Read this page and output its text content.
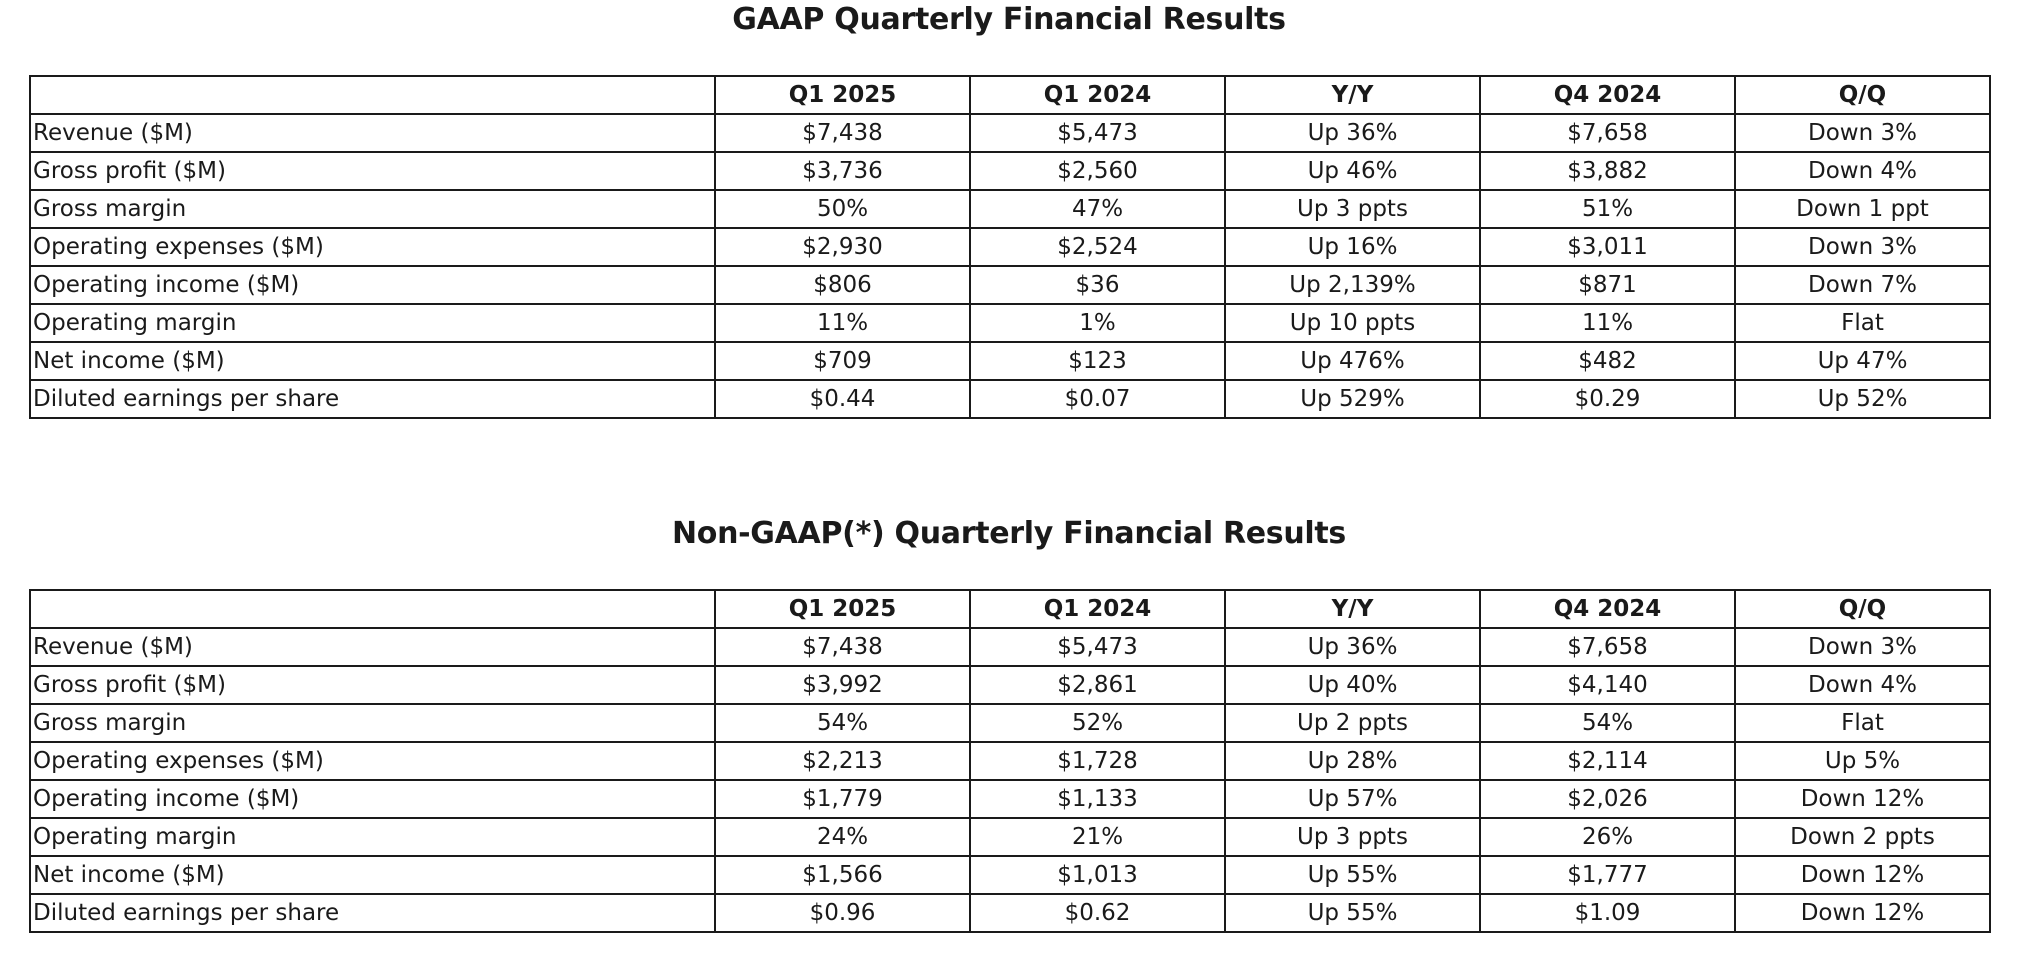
GAAP Quarterly Financial Results
	Q1 2025	Q1 2024	Y/Y	Q4 2024	Q/Q
Revenue ($M)	$7,438	$5,473	Up 36%	$7,658	Down 3%
Gross profit ($M)	$3,736	$2,560	Up 46%	$3,882	Down 4%
Gross margin	50%	47%	Up 3 ppts	51%	Down 1 ppt
Operating expenses ($M)	$2,930	$2,524	Up 16%	$3,011	Down 3%
Operating income ($M)	$806	$36	Up 2,139%	$871	Down 7%
Operating margin	11%	1%	Up 10 ppts	11%	Flat
Net income ($M)	$709	$123	Up 476%	$482	Up 47%
Diluted earnings per share	$0.44	$0.07	Up 529%	$0.29	Up 52%
Non-GAAP(*) Quarterly Financial Results
	Q1 2025	Q1 2024	Y/Y	Q4 2024	Q/Q
Revenue ($M)	$7,438	$5,473	Up 36%	$7,658	Down 3%
Gross profit ($M)	$3,992	$2,861	Up 40%	$4,140	Down 4%
Gross margin	54%	52%	Up 2 ppts	54%	Flat
Operating expenses ($M)	$2,213	$1,728	Up 28%	$2,114	Up 5%
Operating income ($M)	$1,779	$1,133	Up 57%	$2,026	Down 12%
Operating margin	24%	21%	Up 3 ppts	26%	Down 2 ppts
Net income ($M)	$1,566	$1,013	Up 55%	$1,777	Down 12%
Diluted earnings per share	$0.96	$0.62	Up 55%	$1.09	Down 12%
